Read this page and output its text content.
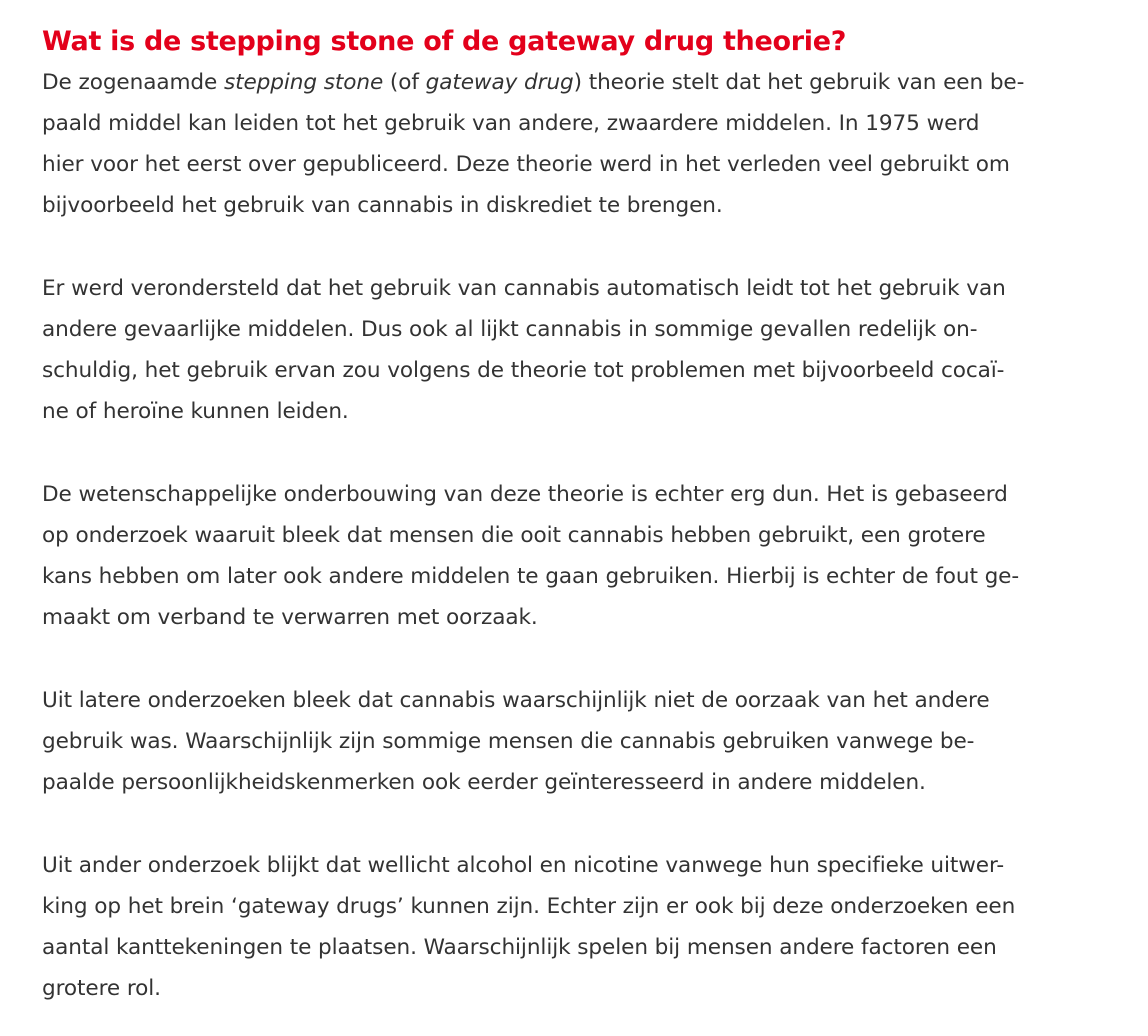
Wat is de stepping stone of de gateway drug theorie?

De zogenaamde stepping stone (of gateway drug) theorie stelt dat het gebruik van een be-
paald middel kan leiden tot het gebruik van andere, zwaardere middelen. In 1975 werd
hier voor het eerst over gepubliceerd. Deze theorie werd in het verleden veel gebruikt om
bijvoorbeeld het gebruik van cannabis in diskrediet te brengen.

Er werd verondersteld dat het gebruik van cannabis automatisch leidt tot het gebruik van
andere gevaarlijke middelen. Dus ook al lijkt cannabis in sommige gevallen redelijk on-
schuldig, het gebruik ervan zou volgens de theorie tot problemen met bijvoorbeeld cocaï-
ne of heroïne kunnen leiden.

De wetenschappelijke onderbouwing van deze theorie is echter erg dun. Het is gebaseerd
op onderzoek waaruit bleek dat mensen die ooit cannabis hebben gebruikt, een grotere
kans hebben om later ook andere middelen te gaan gebruiken. Hierbij is echter de fout ge-
maakt om verband te verwarren met oorzaak.

Uit latere onderzoeken bleek dat cannabis waarschijnlijk niet de oorzaak van het andere
gebruik was. Waarschijnlijk zijn sommige mensen die cannabis gebruiken vanwege be-
paalde persoonlijkheidskenmerken ook eerder geïnteresseerd in andere middelen.

Uit ander onderzoek blijkt dat wellicht alcohol en nicotine vanwege hun specifieke uitwer-
king op het brein ‘gateway drugs’ kunnen zijn. Echter zijn er ook bij deze onderzoeken een
aantal kanttekeningen te plaatsen. Waarschijnlijk spelen bij mensen andere factoren een
grotere rol.
